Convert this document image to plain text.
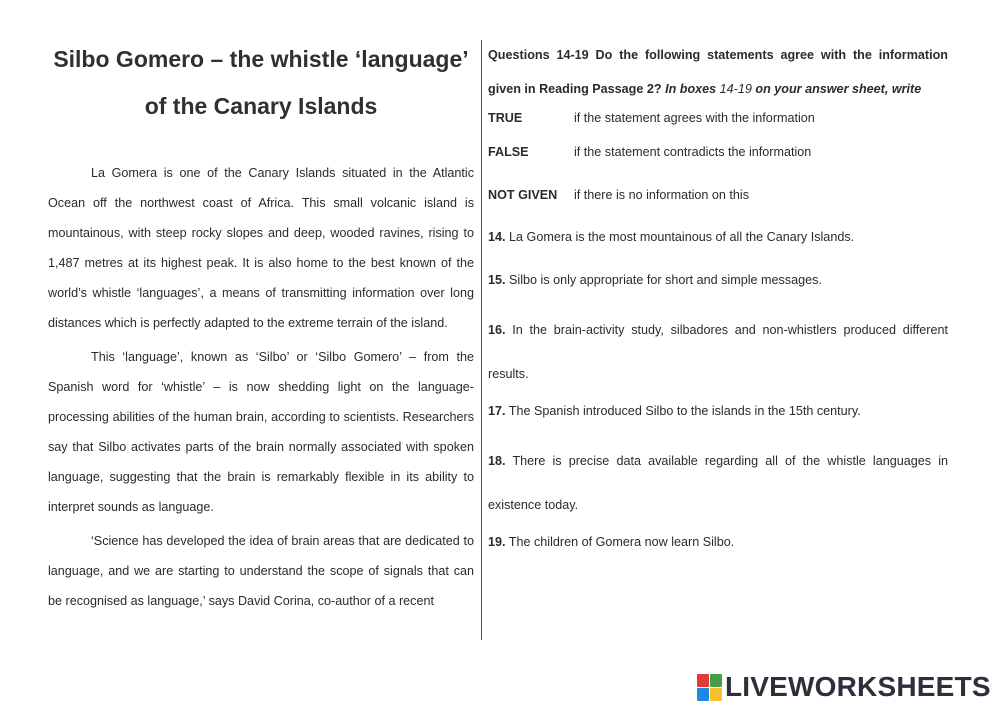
Silbo Gomero – the whistle ‘language’
of the Canary Islands

La Gomera is one of the Canary Islands situated in the Atlantic Ocean off the northwest coast of Africa. This small volcanic island is mountainous, with steep rocky slopes and deep, wooded ravines, rising to 1,487 metres at its highest peak. It is also home to the best known of the world’s whistle ‘languages’, a means of transmitting information over long distances which is perfectly adapted to the extreme terrain of the island.

This ‘language’, known as ‘Silbo’ or ‘Silbo Gomero’ – from the Spanish word for ‘whistle’ – is now shedding light on the language-processing abilities of the human brain, according to scientists. Researchers say that Silbo activates parts of the brain normally associated with spoken language, suggesting that the brain is remarkably flexible in its ability to interpret sounds as language.

‘Science has developed the idea of brain areas that are dedicated to language, and we are starting to understand the scope of signals that can be recognised as language,’ says David Corina, co-author of a recent

Questions 14-19 Do the following statements agree with the information given in Reading Passage 2? In boxes 14-19 on your answer sheet, write

TRUE	if the statement agrees with the information

FALSE	if the statement contradicts the information

NOT GIVEN	if there is no information on this

14. La Gomera is the most mountainous of all the Canary Islands.

15. Silbo is only appropriate for short and simple messages.

16. In the brain-activity study, silbadores and non-whistlers produced different results.

17. The Spanish introduced Silbo to the islands in the 15th century.

18. There is precise data available regarding all of the whistle languages in existence today.

19. The children of Gomera now learn Silbo.

LIVEWORKSHEETS
